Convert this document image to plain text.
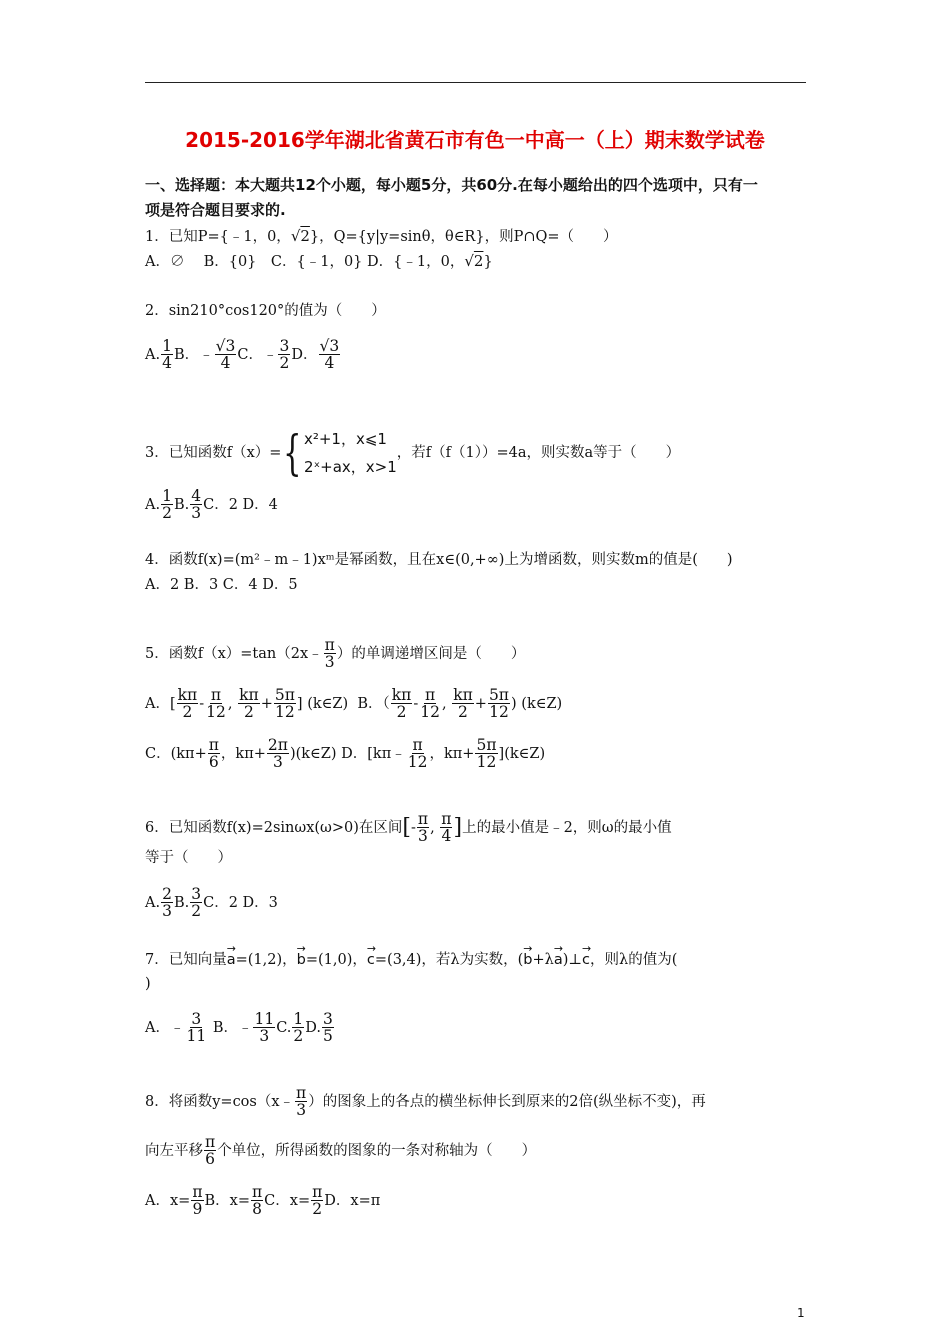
2015-2016学年湖北省黄石市有色一中高一（上）期末数学试卷
一、选择题：本大题共12个小题，每小题5分，共60分.在每小题给出的四个选项中，只有一
项是符合题目要求的.
1．已知P={﹣1，0，√2}，Q={y|y=sinθ，θ∈R}，则P∩Q=（　　）
A．∅　 B．{0}　C．{﹣1，0} D．{﹣1，0，√2}
2．sin210°cos120°的值为（　　）
A. $\frac{1}{4}$ B．﹣ $\frac{√3}{4}$ C．﹣ $\frac{3}{2}$ D． $\frac{√3}{4}$
3．已知函数f（x）={ x²+1，x⩽1
2ˣ+ax，x>1
，若f（f（1））=4a，则实数a等于（　　）
A. $\frac{1}{2} B$. $\frac{4}{3}$ C．2 D．4
4．函数f(x)=(m²﹣m﹣1)xᵐ是幂函数，且在x∈(0,+∞)上为增函数，则实数m的值是(　　)
A．2 B．3 C．4 D．5
5．函数f（x）=tan（2x﹣ $\frac{\pi}{3}$ ）的单调递增区间是（　　）
A．[ $\frac{k\pi}{2} - \frac{\pi}{12}$ , $\frac{k\pi}{2} + \frac{5\pi}{12}$ ] (k∈Z) B．（ $\frac{k\pi}{2} - \frac{\pi}{12}$ , $\frac{k\pi}{2} + \frac{5\pi}{12}$ ) (k∈Z)
C．($k\pi+ \frac{\pi}{6}$ ，$k\pi+ \frac{2\pi}{3}$ )(k∈Z) D．[kπ﹣ $\frac{\pi}{12}$ ，$k\pi+ \frac{5\pi}{12}$ ](k∈Z)
6．已知函数f(x)=2sinωx(ω>0)在区间[- $\frac{\pi}{3}$ , $\frac{\pi}{4}$ ]上的最小值是﹣2，则ω的最小值
等于（　　）
A. $\frac{2}{3} B$. $\frac{3}{2}$ C．2 D．3
7．已知向量
→
a=(1,2)，
→
b=(1,0)，
→
c=(3,4)，若λ为实数，(
→
b+λ
→
a)⊥
→
c，则λ的值为(
)
A．﹣ $\frac{3}{11}$ B．﹣ $\frac{11}{3} C$. $\frac{1}{2} D$. $\frac{3}{5}$
8．将函数y=cos（x﹣ $\frac{\pi}{3}$ ）的图象上的各点的横坐标伸长到原来的2倍(纵坐标不变)，再
向左平移 $\frac{\pi}{6}$ 个单位，所得函数的图象的一条对称轴为（　　）
A．$x= \frac{\pi}{9}$ B．$x= \frac{\pi}{8}$ C．$x= \frac{\pi}{2}$ D．x=π
1
